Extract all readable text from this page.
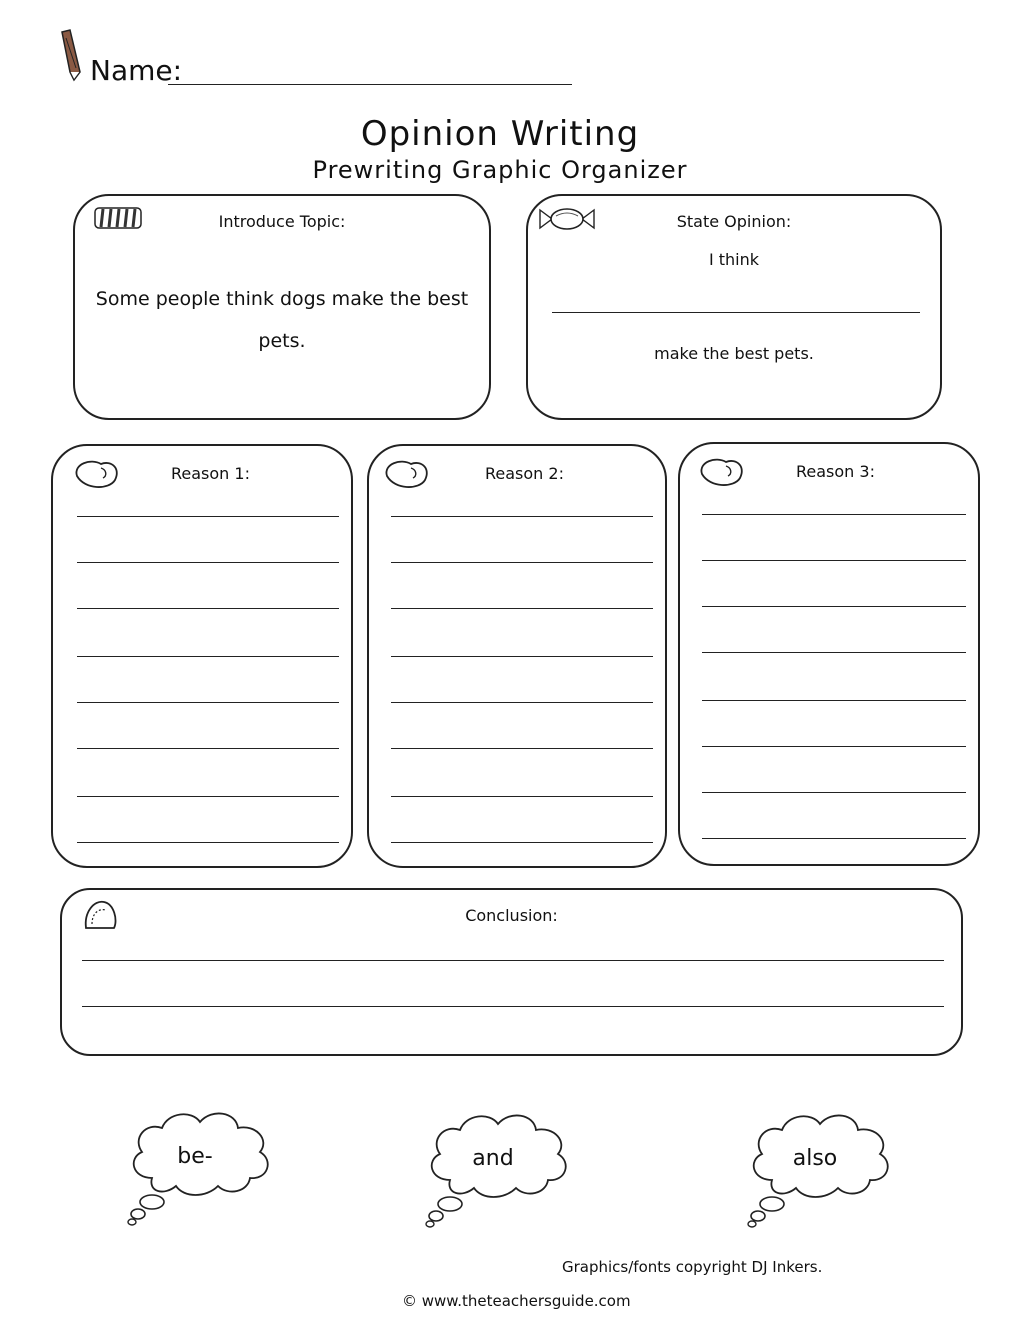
Name:
Opinion Writing
Prewriting Graphic Organizer
Introduce Topic:
Some people think dogs make the best
pets.
State Opinion:
I think
make the best pets.
Reason 1:	Reason 2:	Reason 3:
Conclusion:
be-	and	also
Graphics/fonts copyright DJ Inkers.
© www.theteachersguide.com
